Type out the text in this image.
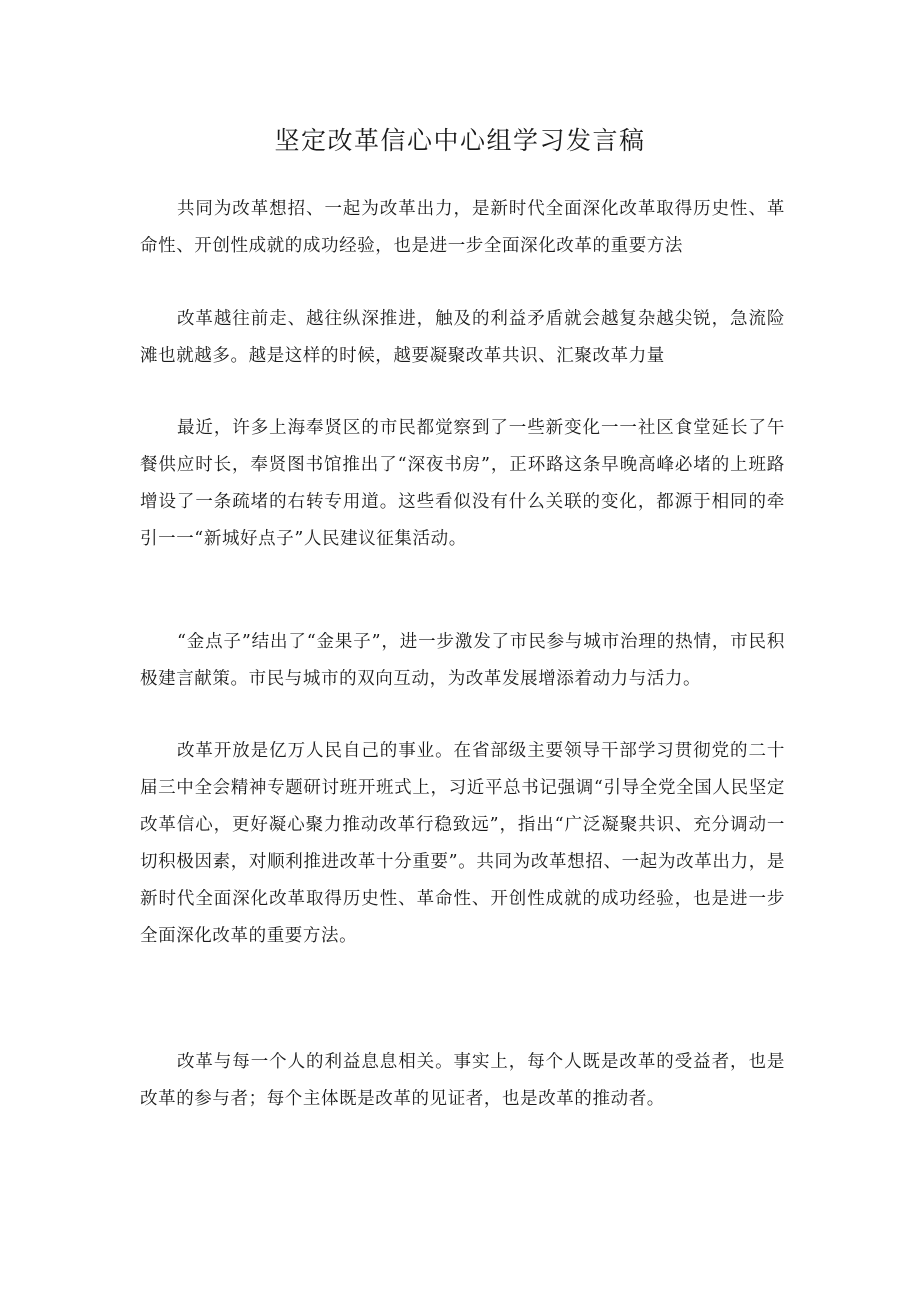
坚定改革信心中心组学习发言稿

共同为改革想招、一起为改革出力，是新时代全面深化改革取得历史性、革命性、开创性成就的成功经验，也是进一步全面深化改革的重要方法

改革越往前走、越往纵深推进，触及的利益矛盾就会越复杂越尖锐，急流险滩也就越多。越是这样的时候，越要凝聚改革共识、汇聚改革力量

最近，许多上海奉贤区的市民都觉察到了一些新变化一一社区食堂延长了午餐供应时长，奉贤图书馆推出了“深夜书房”，正环路这条早晚高峰必堵的上班路增设了一条疏堵的右转专用道。这些看似没有什么关联的变化，都源于相同的牵引一一“新城好点子”人民建议征集活动。

“金点子”结出了“金果子”，进一步激发了市民参与城市治理的热情，市民积极建言献策。市民与城市的双向互动，为改革发展增添着动力与活力。

改革开放是亿万人民自己的事业。在省部级主要领导干部学习贯彻党的二十届三中全会精神专题研讨班开班式上，习近平总书记强调“引导全党全国人民坚定改革信心，更好凝心聚力推动改革行稳致远”，指出“广泛凝聚共识、充分调动一切积极因素，对顺利推进改革十分重要”。共同为改革想招、一起为改革出力，是新时代全面深化改革取得历史性、革命性、开创性成就的成功经验，也是进一步全面深化改革的重要方法。

改革与每一个人的利益息息相关。事实上，每个人既是改革的受益者，也是改革的参与者；每个主体既是改革的见证者，也是改革的推动者。
